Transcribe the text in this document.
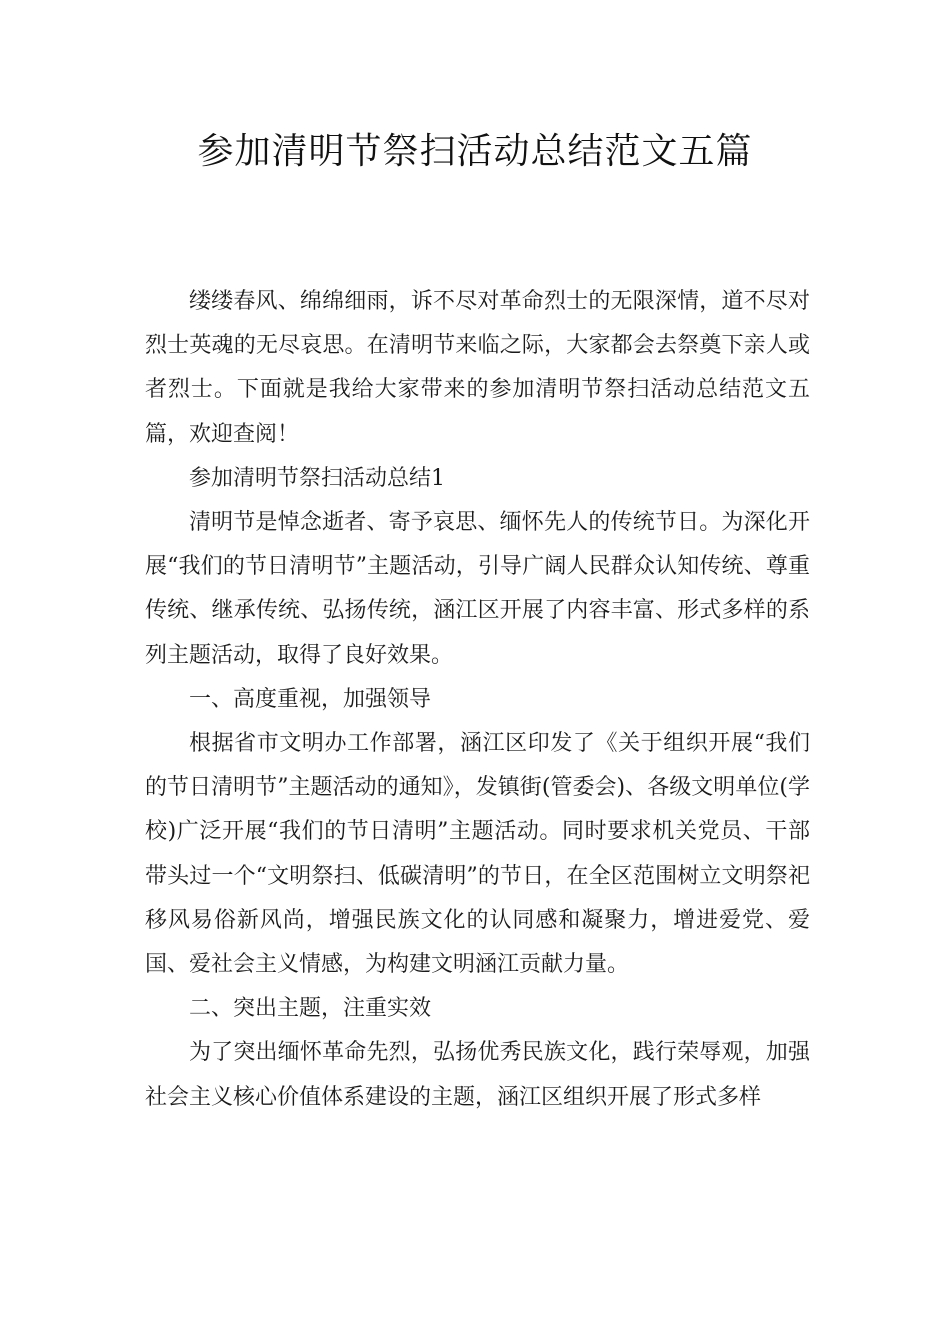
参加清明节祭扫活动总结范文五篇

缕缕春风、绵绵细雨，诉不尽对革命烈士的无限深情，道不尽对烈士英魂的无尽哀思。在清明节来临之际，大家都会去祭奠下亲人或者烈士。下面就是我给大家带来的参加清明节祭扫活动总结范文五篇，欢迎查阅！

参加清明节祭扫活动总结1

清明节是悼念逝者、寄予哀思、缅怀先人的传统节日。为深化开展“我们的节日清明节”主题活动，引导广阔人民群众认知传统、尊重传统、继承传统、弘扬传统，涵江区开展了内容丰富、形式多样的系列主题活动，取得了良好效果。

一、高度重视，加强领导

根据省市文明办工作部署，涵江区印发了《关于组织开展“我们的节日清明节”主题活动的通知》，发镇街(管委会)、各级文明单位(学校)广泛开展“我们的节日清明”主题活动。同时要求机关党员、干部带头过一个“文明祭扫、低碳清明”的节日，在全区范围树立文明祭祀移风易俗新风尚，增强民族文化的认同感和凝聚力，增进爱党、爱国、爱社会主义情感，为构建文明涵江贡献力量。

二、突出主题，注重实效

为了突出缅怀革命先烈，弘扬优秀民族文化，践行荣辱观，加强社会主义核心价值体系建设的主题，涵江区组织开展了形式多样
